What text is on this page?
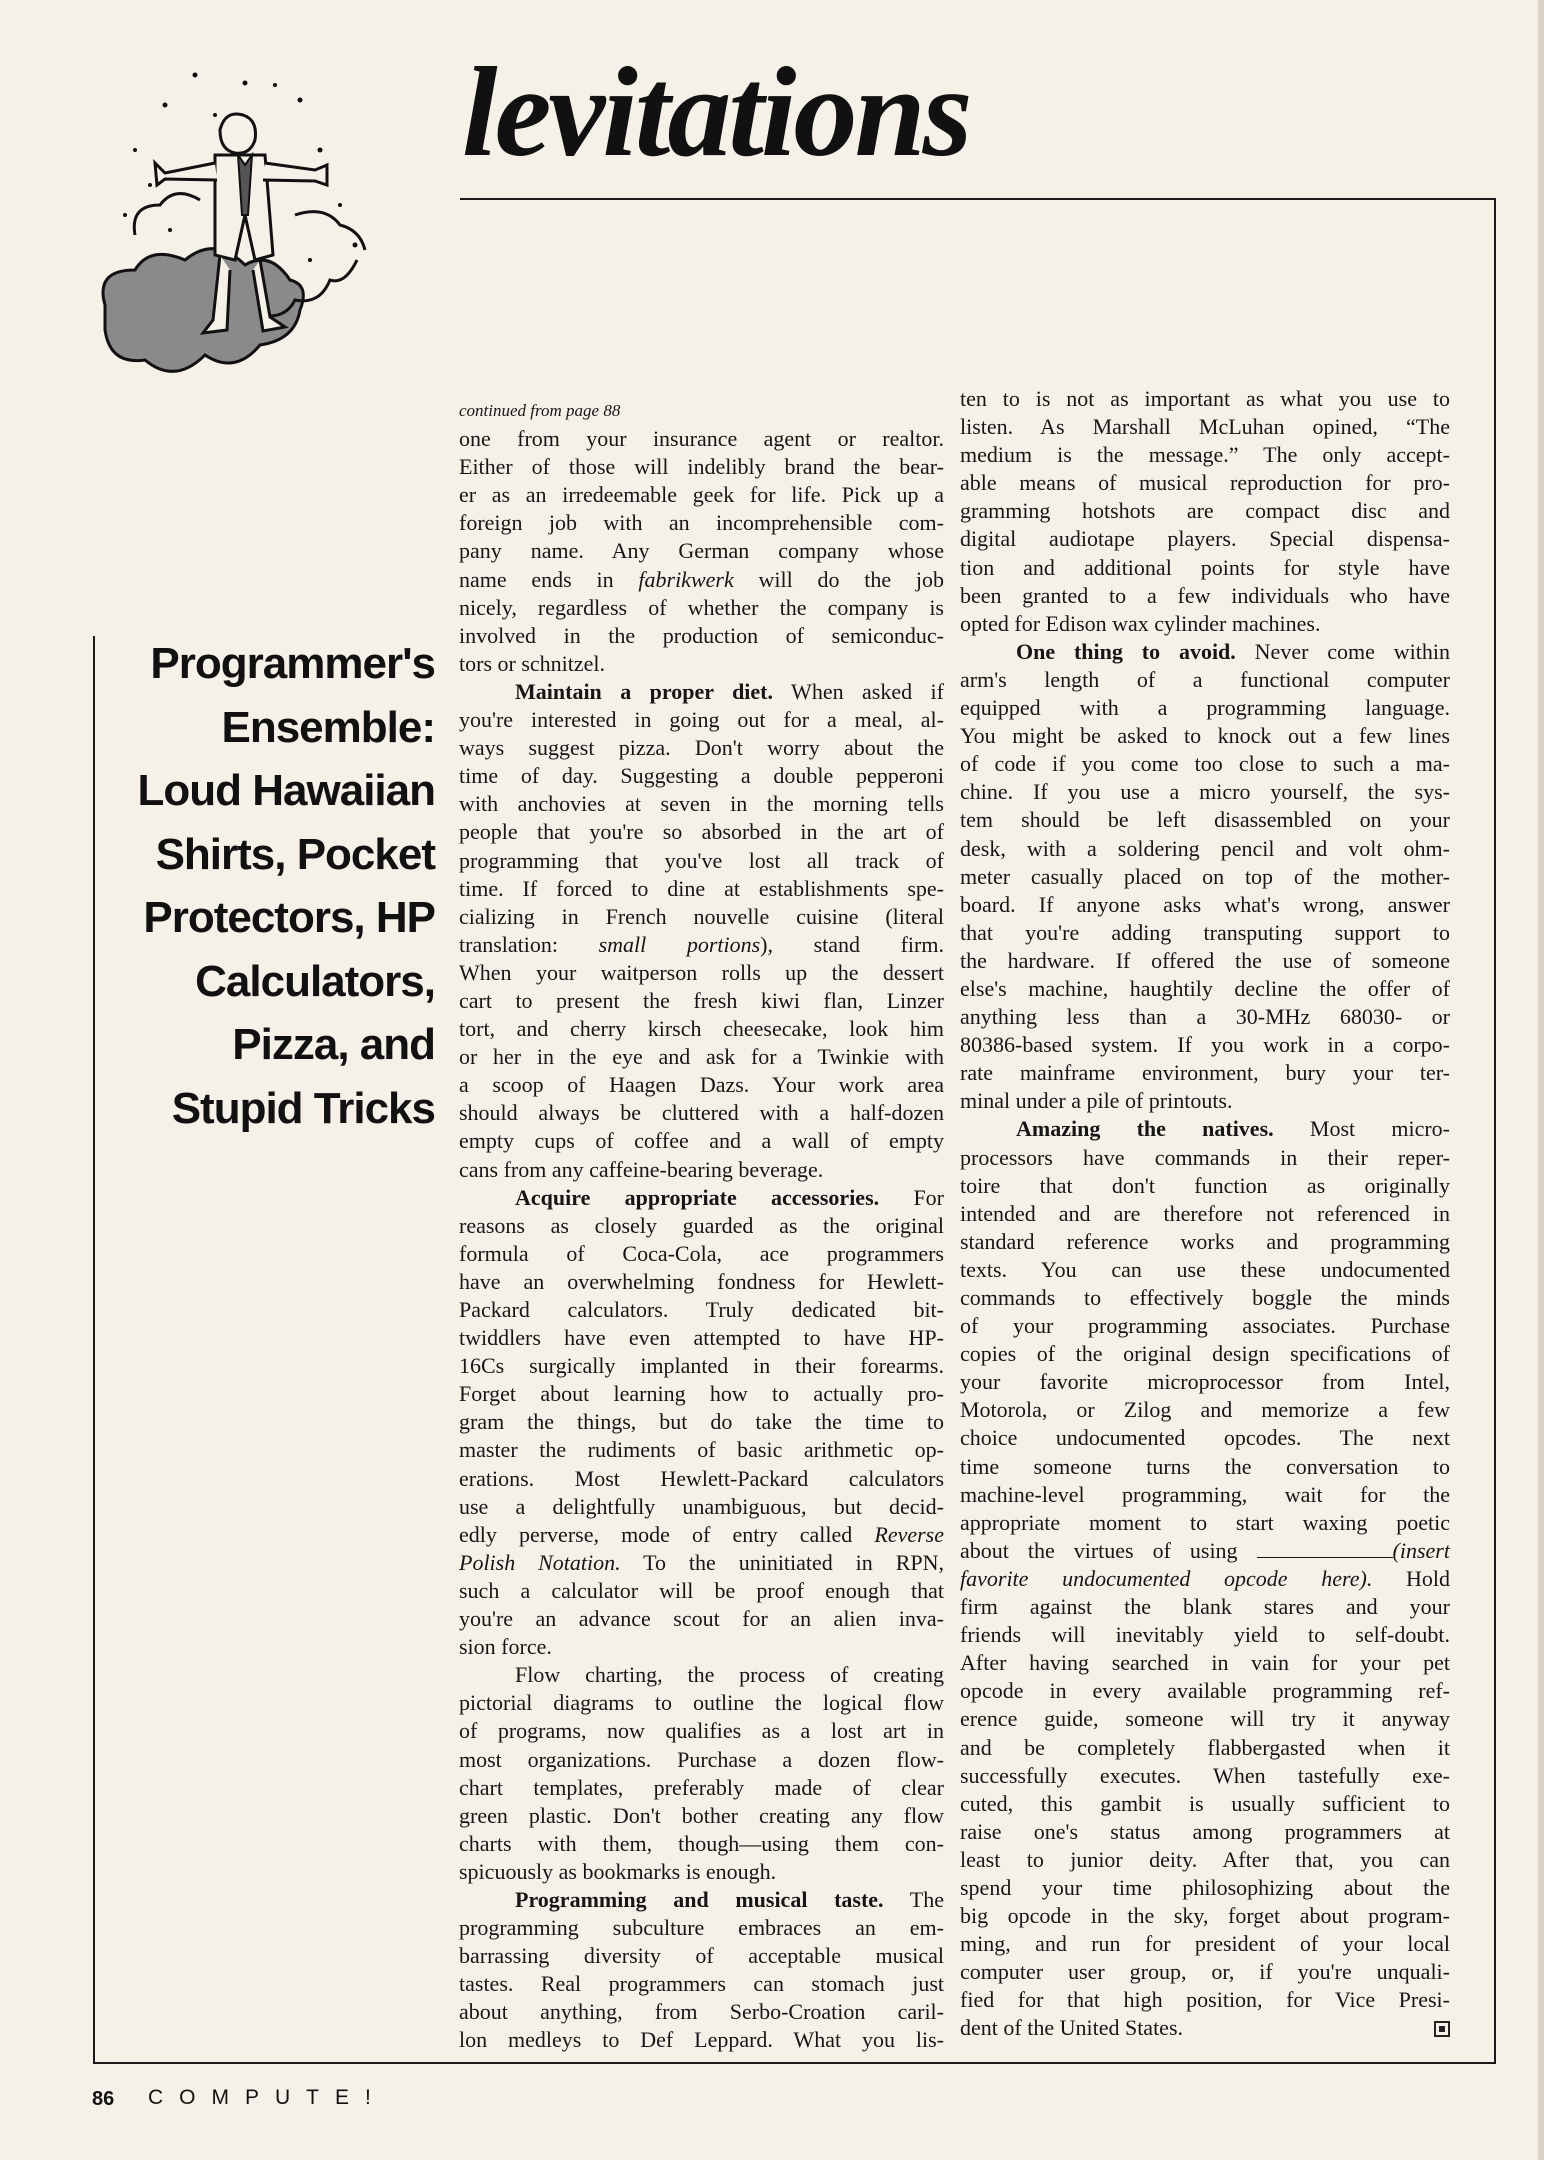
levitations
Programmer's
Ensemble:
Loud Hawaiian
Shirts, Pocket
Protectors, HP
Calculators,
Pizza, and
Stupid Tricks
continued from page 88
one from your insurance agent or realtor.
Either of those will indelibly brand the bear-
er as an irredeemable geek for life. Pick up a
foreign job with an incomprehensible com-
pany name. Any German company whose
name ends in fabrikwerk will do the job
nicely, regardless of whether the company is
involved in the production of semiconduc-
tors or schnitzel.
Maintain a proper diet. When asked if
you're interested in going out for a meal, al-
ways suggest pizza. Don't worry about the
time of day. Suggesting a double pepperoni
with anchovies at seven in the morning tells
people that you're so absorbed in the art of
programming that you've lost all track of
time. If forced to dine at establishments spe-
cializing in French nouvelle cuisine (literal
translation: small portions), stand firm.
When your waitperson rolls up the dessert
cart to present the fresh kiwi flan, Linzer
tort, and cherry kirsch cheesecake, look him
or her in the eye and ask for a Twinkie with
a scoop of Haagen Dazs. Your work area
should always be cluttered with a half-dozen
empty cups of coffee and a wall of empty
cans from any caffeine-bearing beverage.
Acquire appropriate accessories. For
reasons as closely guarded as the original
formula of Coca-Cola, ace programmers
have an overwhelming fondness for Hewlett-
Packard calculators. Truly dedicated bit-
twiddlers have even attempted to have HP-
16Cs surgically implanted in their forearms.
Forget about learning how to actually pro-
gram the things, but do take the time to
master the rudiments of basic arithmetic op-
erations. Most Hewlett-Packard calculators
use a delightfully unambiguous, but decid-
edly perverse, mode of entry called Reverse
Polish Notation. To the uninitiated in RPN,
such a calculator will be proof enough that
you're an advance scout for an alien inva-
sion force.
Flow charting, the process of creating
pictorial diagrams to outline the logical flow
of programs, now qualifies as a lost art in
most organizations. Purchase a dozen flow-
chart templates, preferably made of clear
green plastic. Don't bother creating any flow
charts with them, though—using them con-
spicuously as bookmarks is enough.
Programming and musical taste. The
programming subculture embraces an em-
barrassing diversity of acceptable musical
tastes. Real programmers can stomach just
about anything, from Serbo-Croation caril-
lon medleys to Def Leppard. What you lis-
ten to is not as important as what you use to
listen. As Marshall McLuhan opined, “The
medium is the message.” The only accept-
able means of musical reproduction for pro-
gramming hotshots are compact disc and
digital audiotape players. Special dispensa-
tion and additional points for style have
been granted to a few individuals who have
opted for Edison wax cylinder machines.
One thing to avoid. Never come within
arm's length of a functional computer
equipped with a programming language.
You might be asked to knock out a few lines
of code if you come too close to such a ma-
chine. If you use a micro yourself, the sys-
tem should be left disassembled on your
desk, with a soldering pencil and volt ohm-
meter casually placed on top of the mother-
board. If anyone asks what's wrong, answer
that you're adding transputing support to
the hardware. If offered the use of someone
else's machine, haughtily decline the offer of
anything less than a 30-MHz 68030- or
80386-based system. If you work in a corpo-
rate mainframe environment, bury your ter-
minal under a pile of printouts.
Amazing the natives. Most micro-
processors have commands in their reper-
toire that don't function as originally
intended and are therefore not referenced in
standard reference works and programming
texts. You can use these undocumented
commands to effectively boggle the minds
of your programming associates. Purchase
copies of the original design specifications of
your favorite microprocessor from Intel,
Motorola, or Zilog and memorize a few
choice undocumented opcodes. The next
time someone turns the conversation to
machine-level programming, wait for the
appropriate moment to start waxing poetic
about the virtues of using	(insert
favorite undocumented opcode here). Hold
firm against the blank stares and your
friends will inevitably yield to self-doubt.
After having searched in vain for your pet
opcode in every available programming ref-
erence guide, someone will try it anyway
and be completely flabbergasted when it
successfully executes. When tastefully exe-
cuted, this gambit is usually sufficient to
raise one's status among programmers at
least to junior deity. After that, you can
spend your time philosophizing about the
big opcode in the sky, forget about program-
ming, and run for president of your local
computer user group, or, if you're unquali-
fied for that high position, for Vice Presi-
dent of the United States.
86 COMPUTE!
